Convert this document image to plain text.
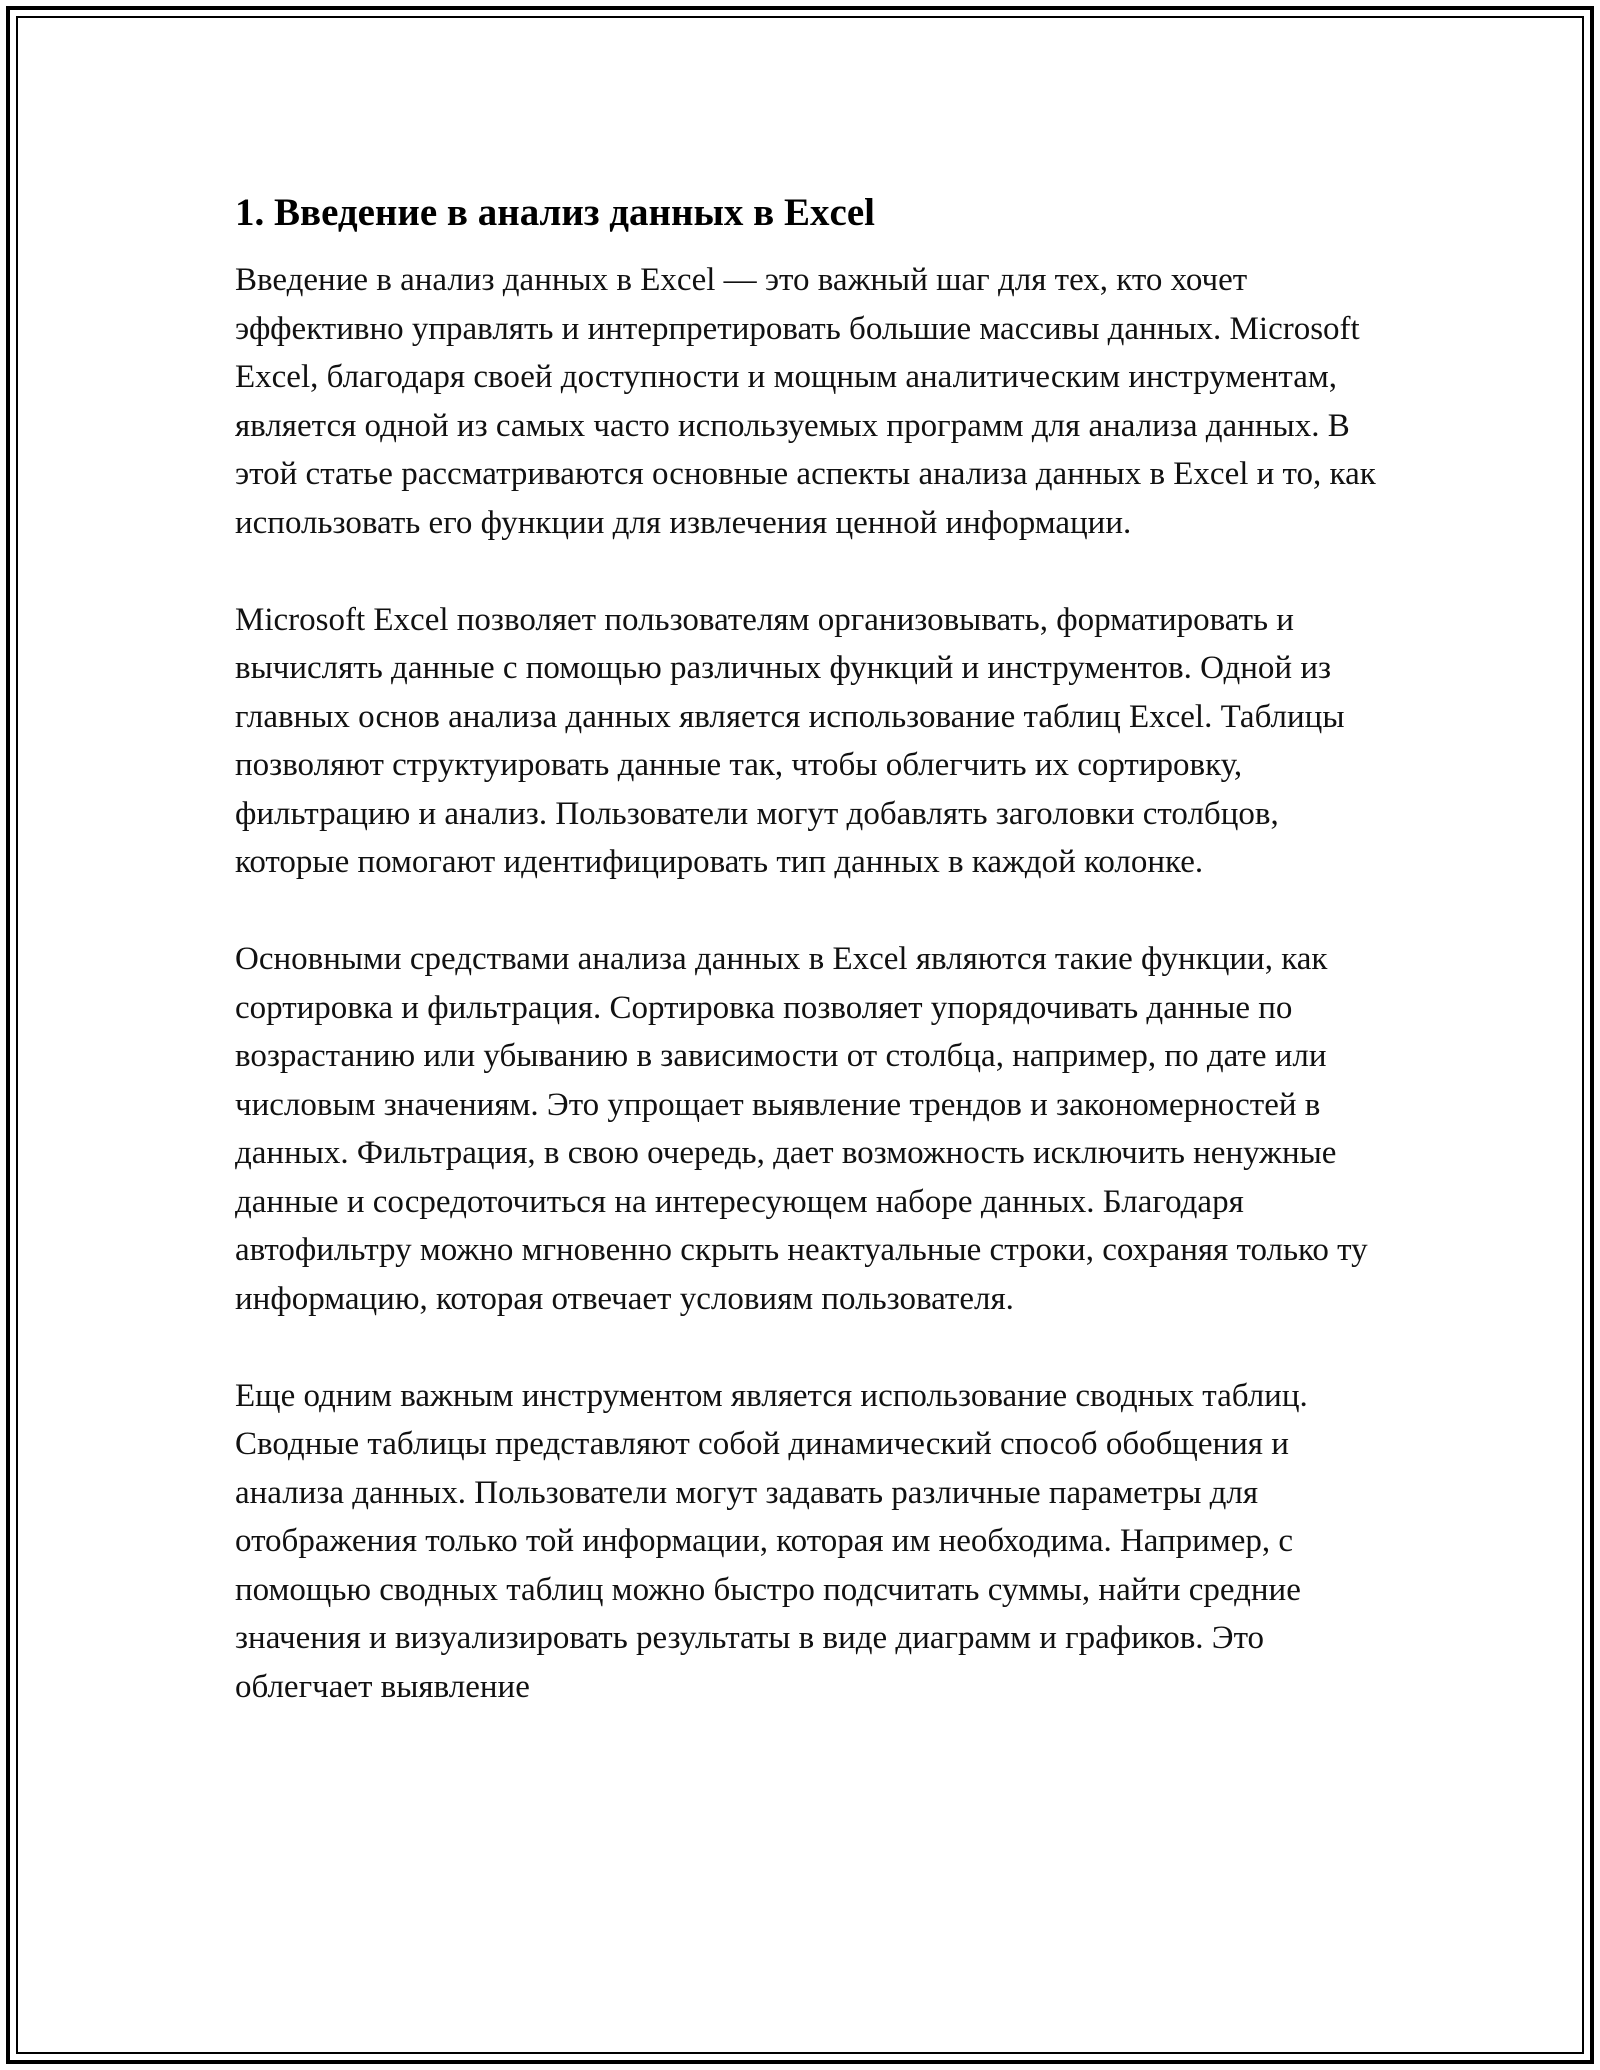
1. Введение в анализ данных в Excel

Введение в анализ данных в Excel — это важный шаг для тех, кто хочет эффективно управлять и интерпретировать большие массивы данных. Microsoft Excel, благодаря своей доступности и мощным аналитическим инструментам, является одной из самых часто используемых программ для анализа данных. В этой статье рассматриваются основные аспекты анализа данных в Excel и то, как использовать его функции для извлечения ценной информации.

Microsoft Excel позволяет пользователям организовывать, форматировать и вычислять данные с помощью различных функций и инструментов. Одной из главных основ анализа данных является использование таблиц Excel. Таблицы позволяют структуировать данные так, чтобы облегчить их сортировку, фильтрацию и анализ. Пользователи могут добавлять заголовки столбцов, которые помогают идентифицировать тип данных в каждой колонке.

Основными средствами анализа данных в Excel являются такие функции, как сортировка и фильтрация. Сортировка позволяет упорядочивать данные по возрастанию или убыванию в зависимости от столбца, например, по дате или числовым значениям. Это упрощает выявление трендов и закономерностей в данных. Фильтрация, в свою очередь, дает возможность исключить ненужные данные и сосредоточиться на интересующем наборе данных. Благодаря автофильтру можно мгновенно скрыть неактуальные строки, сохраняя только ту информацию, которая отвечает условиям пользователя.

Еще одним важным инструментом является использование сводных таблиц. Сводные таблицы представляют собой динамический способ обобщения и анализа данных. Пользователи могут задавать различные параметры для отображения только той информации, которая им необходима. Например, с помощью сводных таблиц можно быстро подсчитать суммы, найти средние значения и визуализировать результаты в виде диаграмм и графиков. Это облегчает выявление
